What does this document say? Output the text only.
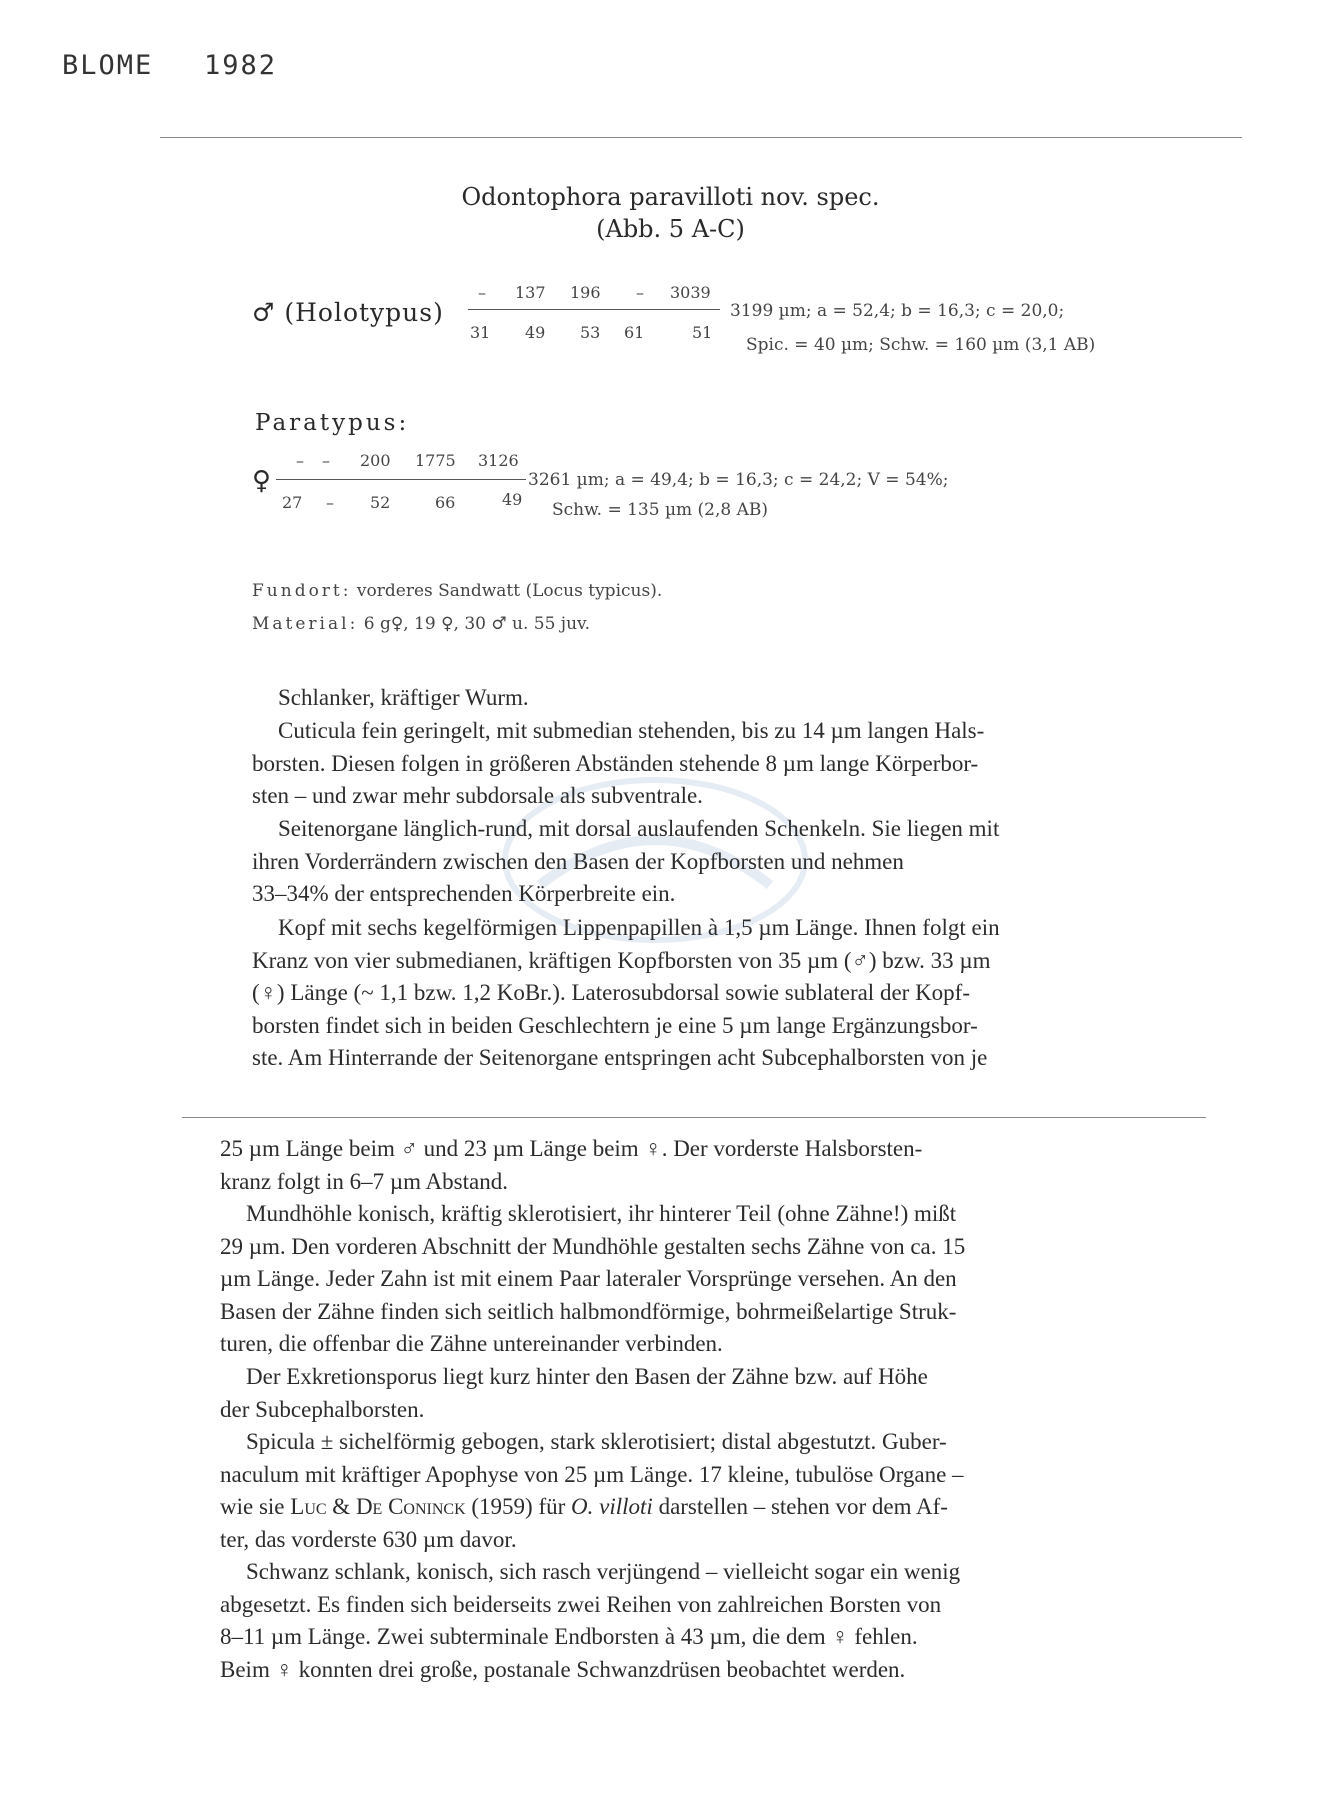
BLOME 1982
Odontophora paravilloti nov. spec.
(Abb. 5 A-C)
♂ (Holotypus)
– 137 196 – 3039
31 49 53 61	51
3199 µm; a = 52,4; b = 16,3; c = 20,0;
Spic. = 40 µm; Schw. = 160 µm (3,1 AB)
Paratypus:
♀
– – 200 1775 3126
27 – 52	66	49
3261 µm; a = 49,4; b = 16,3; c = 24,2; V = 54%;
Schw. = 135 µm (2,8 AB)
Fundort: vorderes Sandwatt (Locus typicus).
Material: 6 g♀, 19 ♀, 30 ♂ u. 55 juv.
Schlanker, kräftiger Wurm.
Cuticula fein geringelt, mit submedian stehenden, bis zu 14 µm langen Hals-
borsten. Diesen folgen in größeren Abständen stehende 8 µm lange Körperbor-
sten – und zwar mehr subdorsale als subventrale.
Seitenorgane länglich-rund, mit dorsal auslaufenden Schenkeln. Sie liegen mit
ihren Vorderrändern zwischen den Basen der Kopfborsten und nehmen
33–34% der entsprechenden Körperbreite ein.
Kopf mit sechs kegelförmigen Lippenpapillen à 1,5 µm Länge. Ihnen folgt ein
Kranz von vier submedianen, kräftigen Kopfborsten von 35 µm (♂) bzw. 33 µm
(♀) Länge (~ 1,1 bzw. 1,2 KoBr.). Laterosubdorsal sowie sublateral der Kopf-
borsten findet sich in beiden Geschlechtern je eine 5 µm lange Ergänzungsbor-
ste. Am Hinterrande der Seitenorgane entspringen acht Subcephalborsten von je
25 µm Länge beim ♂ und 23 µm Länge beim ♀. Der vorderste Halsborsten-
kranz folgt in 6–7 µm Abstand.
Mundhöhle konisch, kräftig sklerotisiert, ihr hinterer Teil (ohne Zähne!) mißt
29 µm. Den vorderen Abschnitt der Mundhöhle gestalten sechs Zähne von ca. 15
µm Länge. Jeder Zahn ist mit einem Paar lateraler Vorsprünge versehen. An den
Basen der Zähne finden sich seitlich halbmondförmige, bohrmeißelartige Struk-
turen, die offenbar die Zähne untereinander verbinden.
Der Exkretionsporus liegt kurz hinter den Basen der Zähne bzw. auf Höhe
der Subcephalborsten.
Spicula ± sichelförmig gebogen, stark sklerotisiert; distal abgestutzt. Guber-
naculum mit kräftiger Apophyse von 25 µm Länge. 17 kleine, tubulöse Organe –
wie sie Luc & De Coninck (1959) für O. villoti darstellen – stehen vor dem Af-
ter, das vorderste 630 µm davor.
Schwanz schlank, konisch, sich rasch verjüngend – vielleicht sogar ein wenig
abgesetzt. Es finden sich beiderseits zwei Reihen von zahlreichen Borsten von
8–11 µm Länge. Zwei subterminale Endborsten à 43 µm, die dem ♀ fehlen.
Beim ♀ konnten drei große, postanale Schwanzdrüsen beobachtet werden.
